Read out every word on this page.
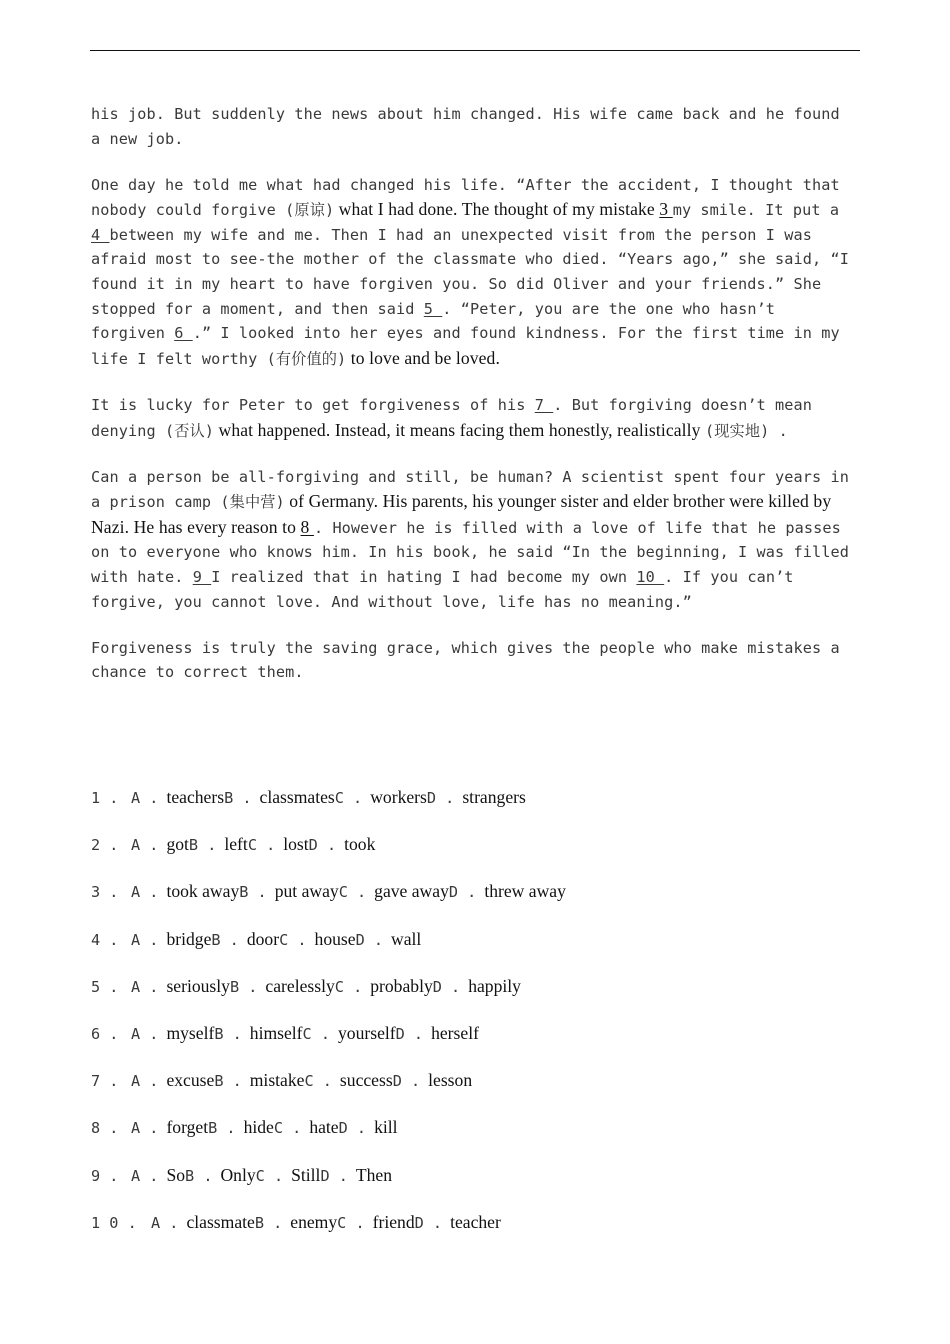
his job. But suddenly the news about him changed. His wife came back and he found a new job.

One day he told me what had changed his life. “After the accident, I thought that nobody could forgive (原谅) what I had done. The thought of my mistake 3 my smile. It put a 4 between my wife and me. Then I had an unexpected visit from the person I was afraid most to see-the mother of the classmate who died. “Years ago,” she said, “I found it in my heart to have forgiven you. So did Oliver and your friends.” She stopped for a moment, and then said 5 . “Peter, you are the one who hasn’t forgiven 6 .” I looked into her eyes and found kindness. For the first time in my life I felt worthy (有价值的) to love and be loved.

It is lucky for Peter to get forgiveness of his 7 . But forgiving doesn’t mean denying (否认) what happened. Instead, it means facing them honestly, realistically (现实地) .

Can a person be all-forgiving and still, be human? A scientist spent four years in a prison camp (集中营) of Germany. His parents, his younger sister and elder brother were killed by Nazi. He has every reason to 8 . However he is filled with a love of life that he passes on to everyone who knows him. In his book, he said “In the beginning, I was filled with hate. 9 I realized that in hating I had become my own 10 . If you can’t forgive, you cannot love. And without love, life has no meaning.”

Forgiveness is truly the saving grace, which gives the people who make mistakes a chance to correct them.

1 . A . teachersB . classmatesC . workersD . strangers
2 . A . gotB . leftC . lostD . took
3 . A . took awayB . put awayC . gave awayD . threw away
4 . A . bridgeB . doorC . houseD . wall
5 . A . seriouslyB . carelesslyC . probablyD . happily
6 . A . myselfB . himselfC . yourselfD . herself
7 . A . excuseB . mistakeC . successD . lesson
8 . A . forgetB . hideC . hateD . kill
9 . A . SoB . OnlyC . StillD . Then
1 0 . A . classmateB . enemyC . friendD . teacher
